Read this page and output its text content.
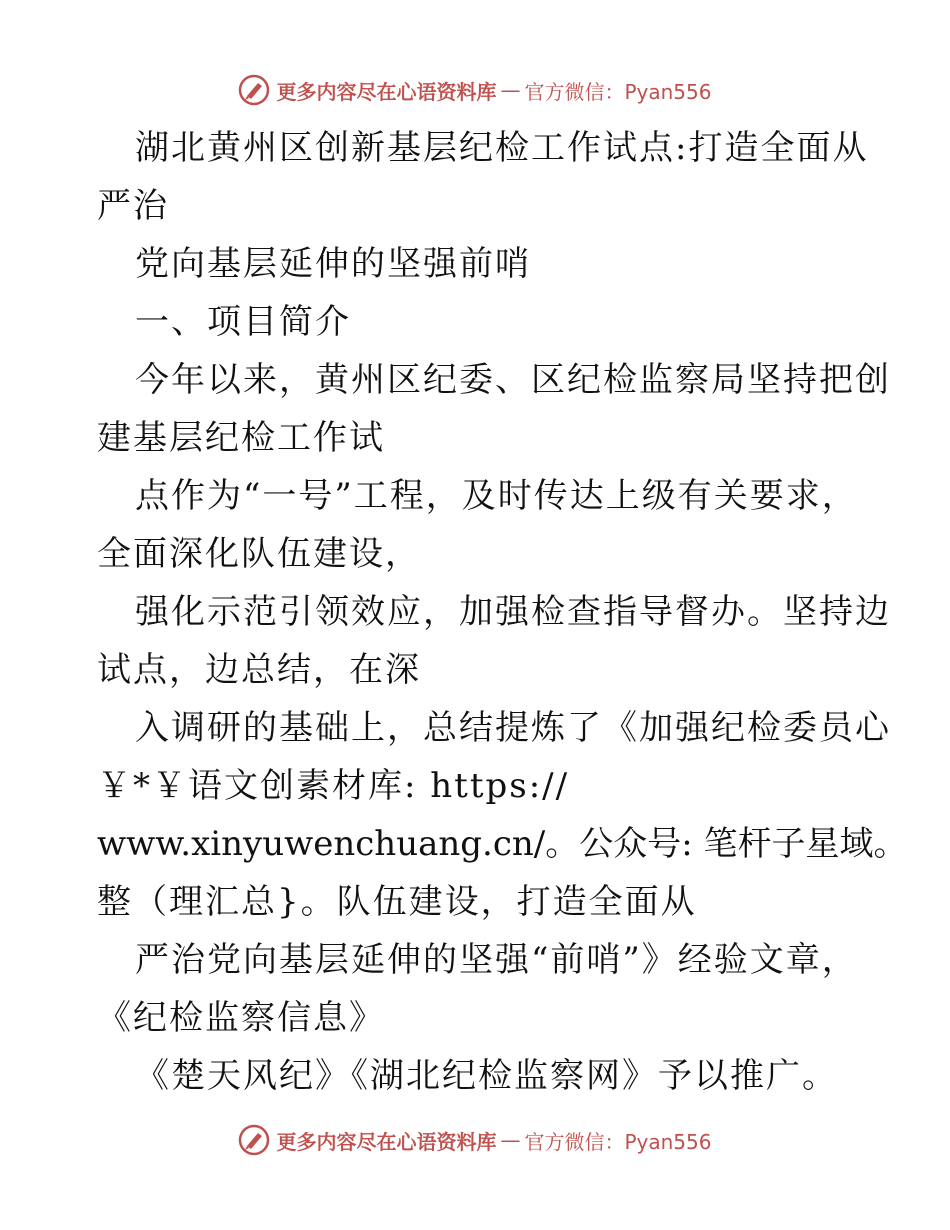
更多内容尽在心语资料库 — 官方微信：Pyan556
湖北黄州区创新基层纪检工作试点:打造全面从
严治
党向基层延伸的坚强前哨
一、项目简介
今年以来，黄州区纪委、区纪检监察局坚持把创
建基层纪检工作试
点作为“一号”工程，及时传达上级有关要求，
全面深化队伍建设，
强化示范引领效应，加强检查指导督办。坚持边
试点，边总结，在深
入调研的基础上，总结提炼了《加强纪检委员心
￥*￥语文创素材库: https://
www.xinyuwenchuang.cn/。公众号: 笔杆子星域。
整（理汇总}。队伍建设，打造全面从
严治党向基层延伸的坚强“前哨”》经验文章，
《纪检监察信息》
《楚天风纪》《湖北纪检监察网》予以推广。
更多内容尽在心语资料库 — 官方微信：Pyan556
